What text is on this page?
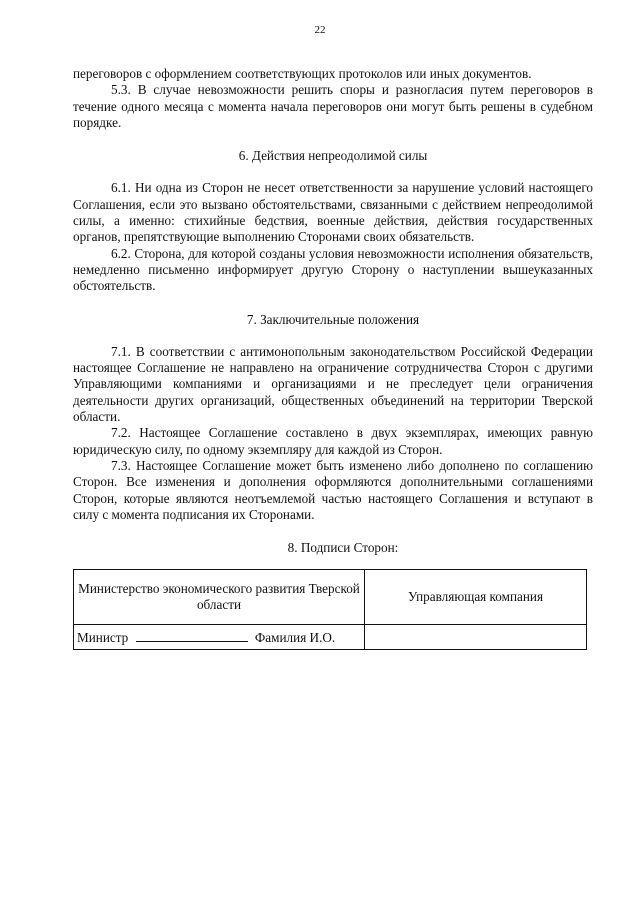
22

переговоров с оформлением соответствующих протоколов или иных документов.

5.3. В случае невозможности решить споры и разногласия путем переговоров в течение одного месяца с момента начала переговоров они могут быть решены в судебном порядке.

6. Действия непреодолимой силы

6.1. Ни одна из Сторон не несет ответственности за нарушение условий настоящего Соглашения, если это вызвано обстоятельствами, связанными с действием непреодолимой силы, а именно: стихийные бедствия, военные действия, действия государственных органов, препятствующие выполнению Сторонами своих обязательств.

6.2. Сторона, для которой созданы условия невозможности исполнения обязательств, немедленно письменно информирует другую Сторону о наступлении вышеуказанных обстоятельств.

7. Заключительные положения

7.1. В соответствии с антимонопольным законодательством Российской Федерации настоящее Соглашение не направлено на ограничение сотрудничества Сторон с другими Управляющими компаниями и организациями и не преследует цели ограничения деятельности других организаций, общественных объединений на территории Тверской области.

7.2. Настоящее Соглашение составлено в двух экземплярах, имеющих равную юридическую силу, по одному экземпляру для каждой из Сторон.

7.3. Настоящее Соглашение может быть изменено либо дополнено по соглашению Сторон. Все изменения и дополнения оформляются дополнительными соглашениями Сторон, которые являются неотъемлемой частью настоящего Соглашения и вступают в силу с момента подписания их Сторонами.

8. Подписи Сторон:

Министерство экономического развития Тверской области	Управляющая компания
Министр Фамилия И.О.	
